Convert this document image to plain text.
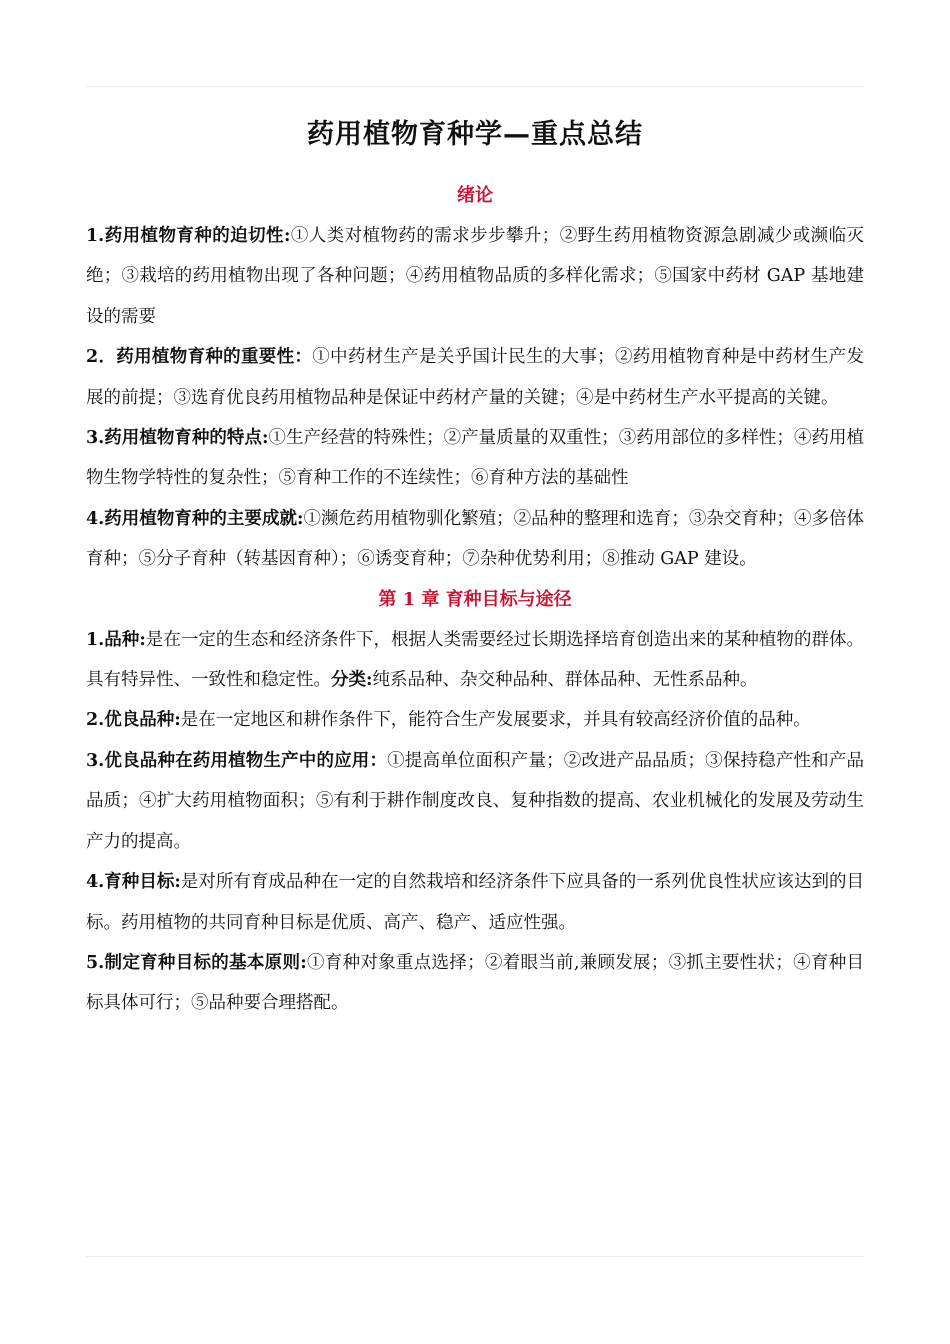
药用植物育种学—重点总结
绪论

1.药用植物育种的迫切性:①人类对植物药的需求步步攀升；②野生药用植物资源急剧减少或濒临灭绝；③栽培的药用植物出现了各种问题；④药用植物品质的多样化需求；⑤国家中药材 GAP 基地建设的需要

2．药用植物育种的重要性：①中药材生产是关乎国计民生的大事；②药用植物育种是中药材生产发展的前提；③选育优良药用植物品种是保证中药材产量的关键；④是中药材生产水平提高的关键。

3.药用植物育种的特点:①生产经营的特殊性；②产量质量的双重性；③药用部位的多样性；④药用植物生物学特性的复杂性；⑤育种工作的不连续性；⑥育种方法的基础性

4.药用植物育种的主要成就:①濒危药用植物驯化繁殖；②品种的整理和选育；③杂交育种；④多倍体育种；⑤分子育种（转基因育种）；⑥诱变育种；⑦杂种优势利用；⑧推动 GAP 建设。

第 1 章 育种目标与途径

1.品种:是在一定的生态和经济条件下，根据人类需要经过长期选择培育创造出来的某种植物的群体。具有特异性、一致性和稳定性。分类:纯系品种、杂交种品种、群体品种、无性系品种。

2.优良品种:是在一定地区和耕作条件下，能符合生产发展要求，并具有较高经济价值的品种。

3.优良品种在药用植物生产中的应用：①提高单位面积产量；②改进产品品质；③保持稳产性和产品品质；④扩大药用植物面积；⑤有利于耕作制度改良、复种指数的提高、农业机械化的发展及劳动生产力的提高。

4.育种目标:是对所有育成品种在一定的自然栽培和经济条件下应具备的一系列优良性状应该达到的目标。药用植物的共同育种目标是优质、高产、稳产、适应性强。

5.制定育种目标的基本原则:①育种对象重点选择；②着眼当前,兼顾发展；③抓主要性状；④育种目标具体可行；⑤品种要合理搭配。
